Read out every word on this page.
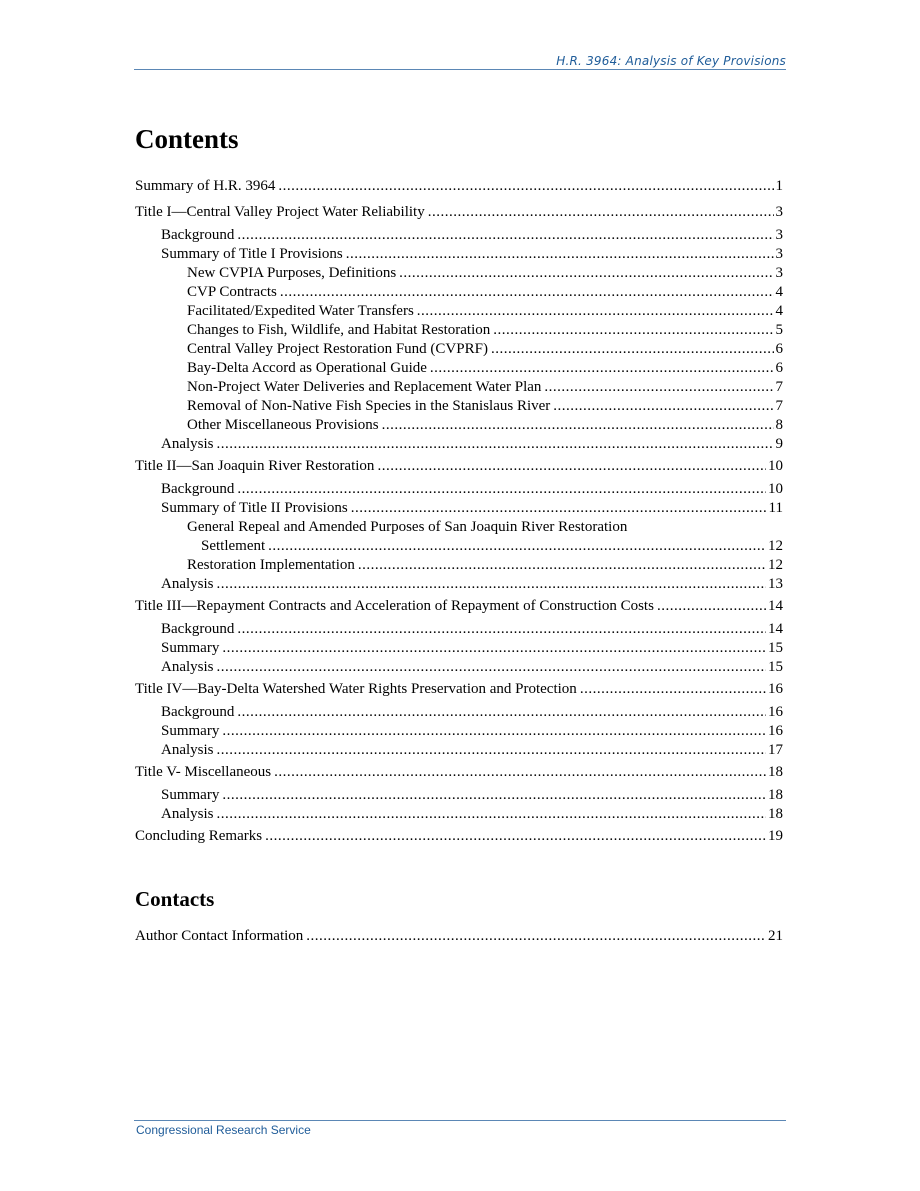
H.R. 3964: Analysis of Key Provisions
Contents
Summary of H.R. 3964 .....	1
Title I—Central Valley Project Water Reliability .....	3
Background .....	3
Summary of Title I Provisions .....	3
New CVPIA Purposes, Definitions .....	3
CVP Contracts .....	4
Facilitated/Expedited Water Transfers .....	4
Changes to Fish, Wildlife, and Habitat Restoration .....	5
Central Valley Project Restoration Fund (CVPRF) .....	6
Bay-Delta Accord as Operational Guide .....	6
Non-Project Water Deliveries and Replacement Water Plan .....	7
Removal of Non-Native Fish Species in the Stanislaus River .....	7
Other Miscellaneous Provisions .....	8
Analysis .....	9
Title II—San Joaquin River Restoration .....	10
Background .....	10
Summary of Title II Provisions .....	11
General Repeal and Amended Purposes of San Joaquin River Restoration
Settlement .....	12
Restoration Implementation .....	12
Analysis .....	13
Title III—Repayment Contracts and Acceleration of Repayment of Construction Costs .....	14
Background .....	14
Summary .....	15
Analysis .....	15
Title IV—Bay-Delta Watershed Water Rights Preservation and Protection .....	16
Background .....	16
Summary .....	16
Analysis .....	17
Title V- Miscellaneous .....	18
Summary .....	18
Analysis .....	18
Concluding Remarks .....	19
Contacts
Author Contact Information .....	21
Congressional Research Service
